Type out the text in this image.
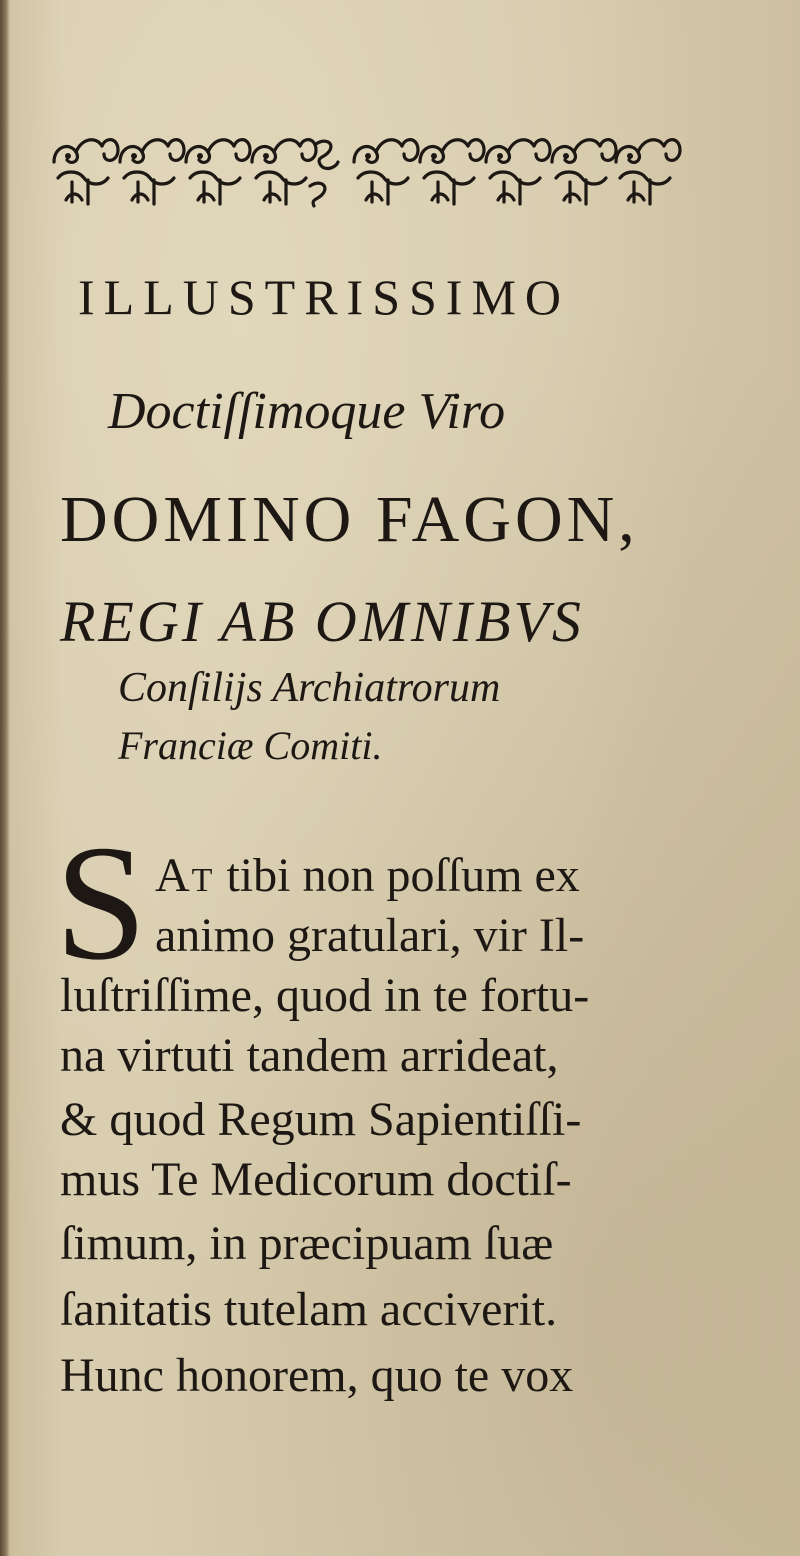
ILLUSTRISSIMO
Doctiſſimoque Viro
DOMINO FAGON,
REGI AB OMNIBVS
Conſilijs Archiatrorum
Franciæ Comiti.
S At tibi non poſſum ex
animo gratulari, vir Il-
luſtriſſime, quod in te fortu-
na virtuti tandem arrideat,
& quod Regum Sapientiſſi-
mus Te Medicorum doctiſ-
ſimum, in præcipuam ſuæ
ſanitatis tutelam acciverit.
Hunc honorem, quo te vox
